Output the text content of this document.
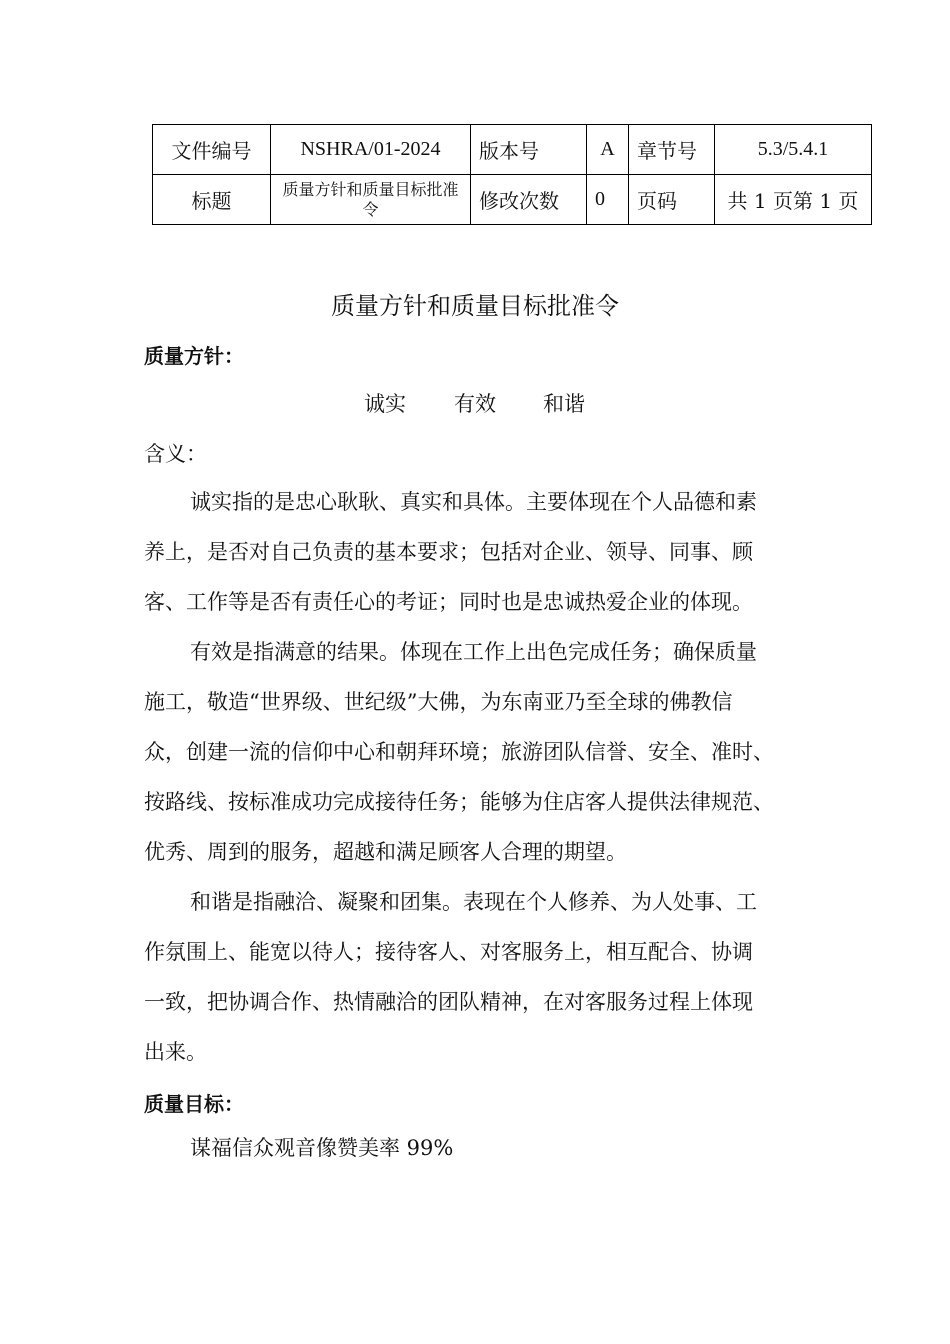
文件编号	NSHRA/01-2024	版本号	A	章节号	5.3/5.4.1
标题	质量方针和质量目标批准令	修改次数	0	页码	共 1 页第 1 页
质量方针和质量目标批准令
质量方针：
诚实 有效 和谐
含义：
诚实指的是忠心耿耿、真实和具体。主要体现在个人品德和素
养上，是否对自己负责的基本要求；包括对企业、领导、同事、顾
客、工作等是否有责任心的考证；同时也是忠诚热爱企业的体现。
有效是指满意的结果。体现在工作上出色完成任务；确保质量
施工，敬造“世界级、世纪级”大佛，为东南亚乃至全球的佛教信
众，创建一流的信仰中心和朝拜环境；旅游团队信誉、安全、准时、
按路线、按标准成功完成接待任务；能够为住店客人提供法律规范、
优秀、周到的服务，超越和满足顾客人合理的期望。
和谐是指融洽、凝聚和团集。表现在个人修养、为人处事、工
作氛围上、能宽以待人；接待客人、对客服务上，相互配合、协调
一致，把协调合作、热情融洽的团队精神，在对客服务过程上体现
出来。
质量目标：
谋福信众观音像赞美率 99%
